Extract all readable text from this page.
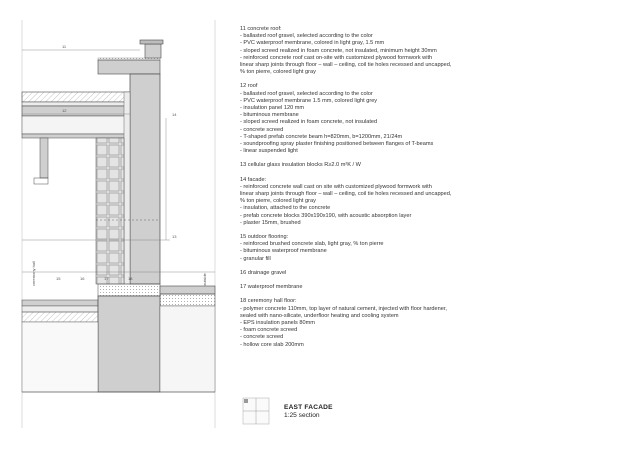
11
12
14
13
15	16	17	18
ceremony hall	outside
11 concrete roof:
- ballasted roof gravel, selected according to the color
- PVC waterproof membrane, colored in light gray, 1.5 mm
- sloped screed realized in foam concrete, not insulated, minimum height 30mm
- reinforced concrete roof cast on-site with customized plywood formwork with
linear sharp joints through floor – wall – ceiling, coil tie holes recessed and uncapped,
% ton pierre, colored light gray
12 roof
- ballasted roof gravel, selected according to the color
- PVC waterproof membrane 1.5 mm, colored light grey
- insulation panel 120 mm
- bituminous membrane
- sloped screed realized in foam concrete, not insulated
- concrete screed
- T-shaped prefab concrete beam h=820mm, b=1200mm, 21/24m
- soundproofing spray plaster finishing positioned between flanges of T-beams
- linear suspended light
13 cellular glass insulation blocks R≥2.0 m²K / W
14 facade:
- reinforced concrete wall cast on site with customized plywood formwork with
linear sharp joints through floor – wall – ceiling, coil tie holes recessed and uncapped,
% ton pierre, colored light gray
- insulation, attached to the concrete
- prefab concrete blocks 390x190x190, with acoustic absorption layer
- plaster 15mm, brushed
15 outdoor flooring:
- reinforced brushed concrete slab, light gray, % ton pierre
- bituminous waterproof membrane
- granular fill
16 drainage gravel
17 waterproof membrane
18 ceremony hall floor:
- polymer concrete 110mm, top layer of natural cement, injected with floor hardener,
sealed with nano-silicate, underfloor heating and cooling system
- EPS insulation panels 80mm
- foam concrete screed
- concrete screed
- hollow core slab 200mm
EAST FACADE
1:25 section
